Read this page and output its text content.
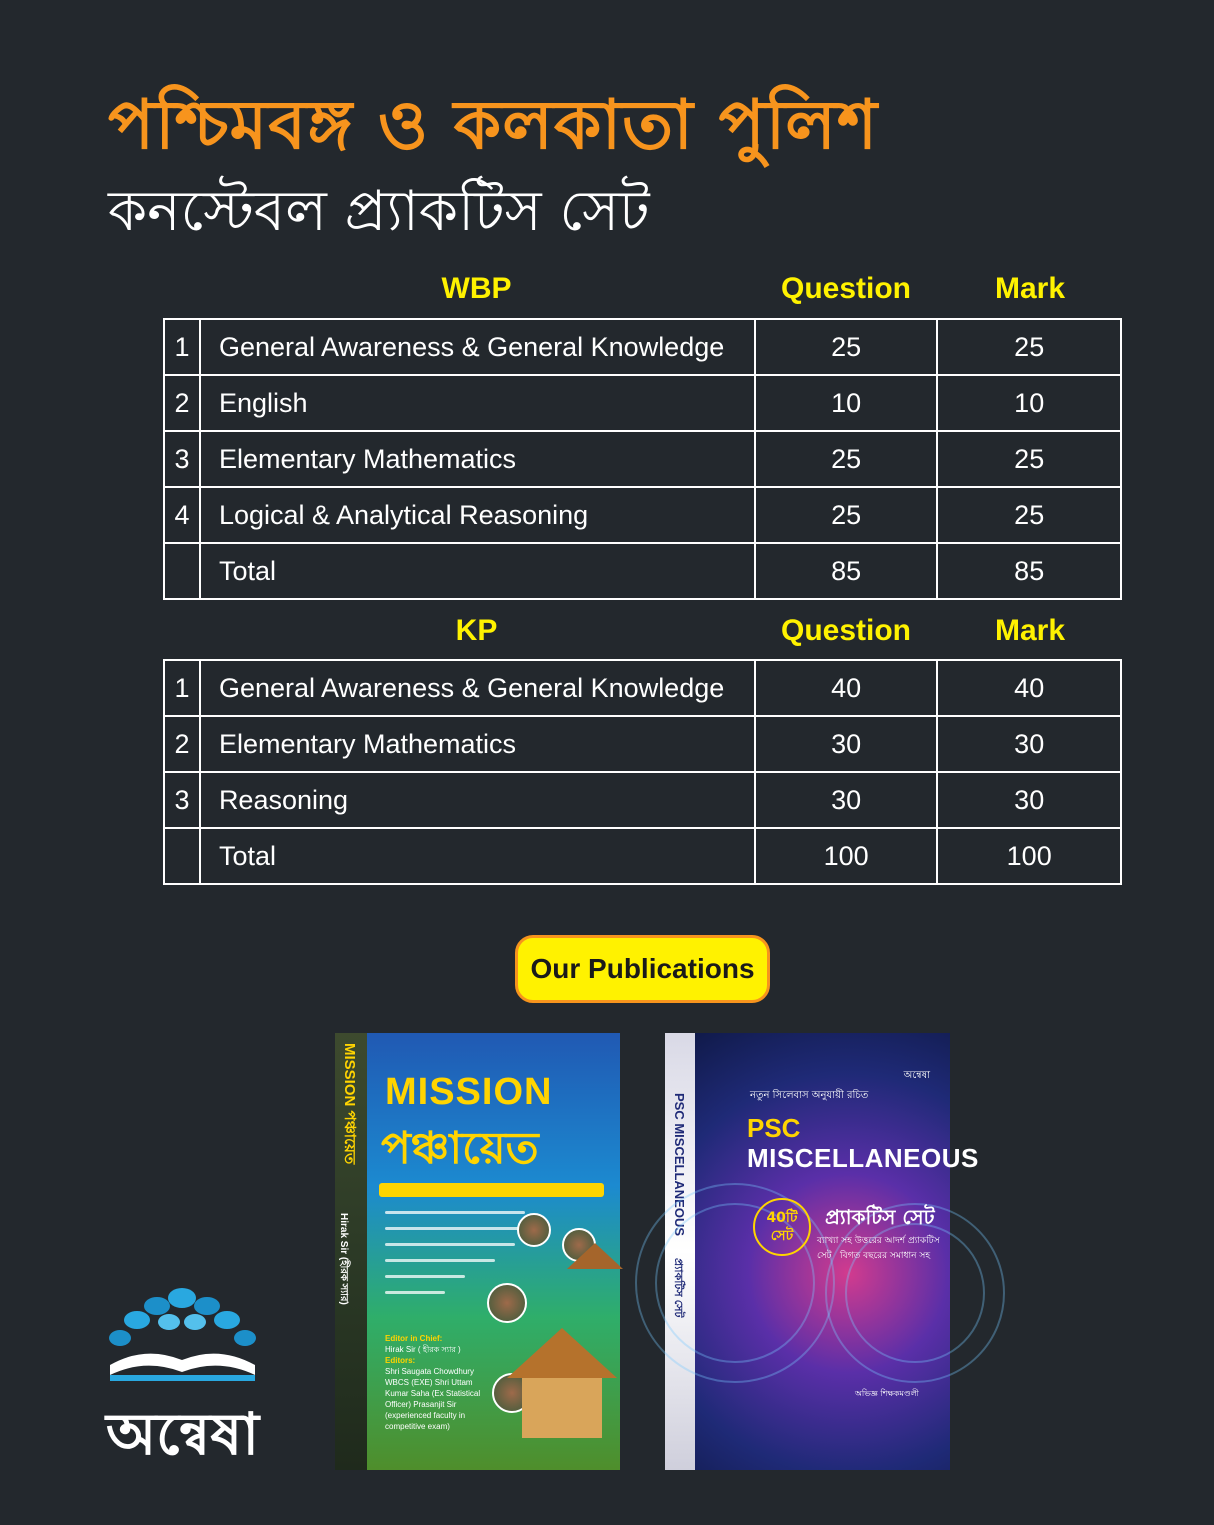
পশ্চিমবঙ্গ ও কলকাতা পুলিশ
কনস্টেবল প্র্যাকটিস সেট
WBP	Question	Mark
1	General Awareness & General Knowledge	25	25
2	English	10	10
3	Elementary Mathematics	25	25
4	Logical & Analytical Reasoning	25	25
	Total	85	85
KP	Question	Mark
1	General Awareness & General Knowledge	40	40
2	Elementary Mathematics	30	30
3	Reasoning	30	30
	Total	100	100
Our Publications
অন্বেষা
MISSION পঞ্চায়েত
Hirak Sir (হীরক স্যার)
MISSION
পঞ্চায়েত
Editor in Chief:
Hirak Sir ( হীরক স্যার )
Editors:
Shri Saugata Chowdhury WBCS (EXE) Shri Uttam Kumar Saha (Ex Statistical Officer) Prasanjit Sir (experienced faculty in competitive exam)
PSC MISCELLANEOUS
প্র্যাকটিস সেট
অন্বেষা
নতুন সিলেবাস অনুযায়ী রচিত
PSC
MISCELLANEOUS
40টি সেট
প্র্যাকটিস সেট
ব্যাখ্যা সহ উত্তরের আদর্শ প্র্যাকটিস সেট বিগত বছরের সমাধান সহ
অভিজ্ঞ শিক্ষকমণ্ডলী
